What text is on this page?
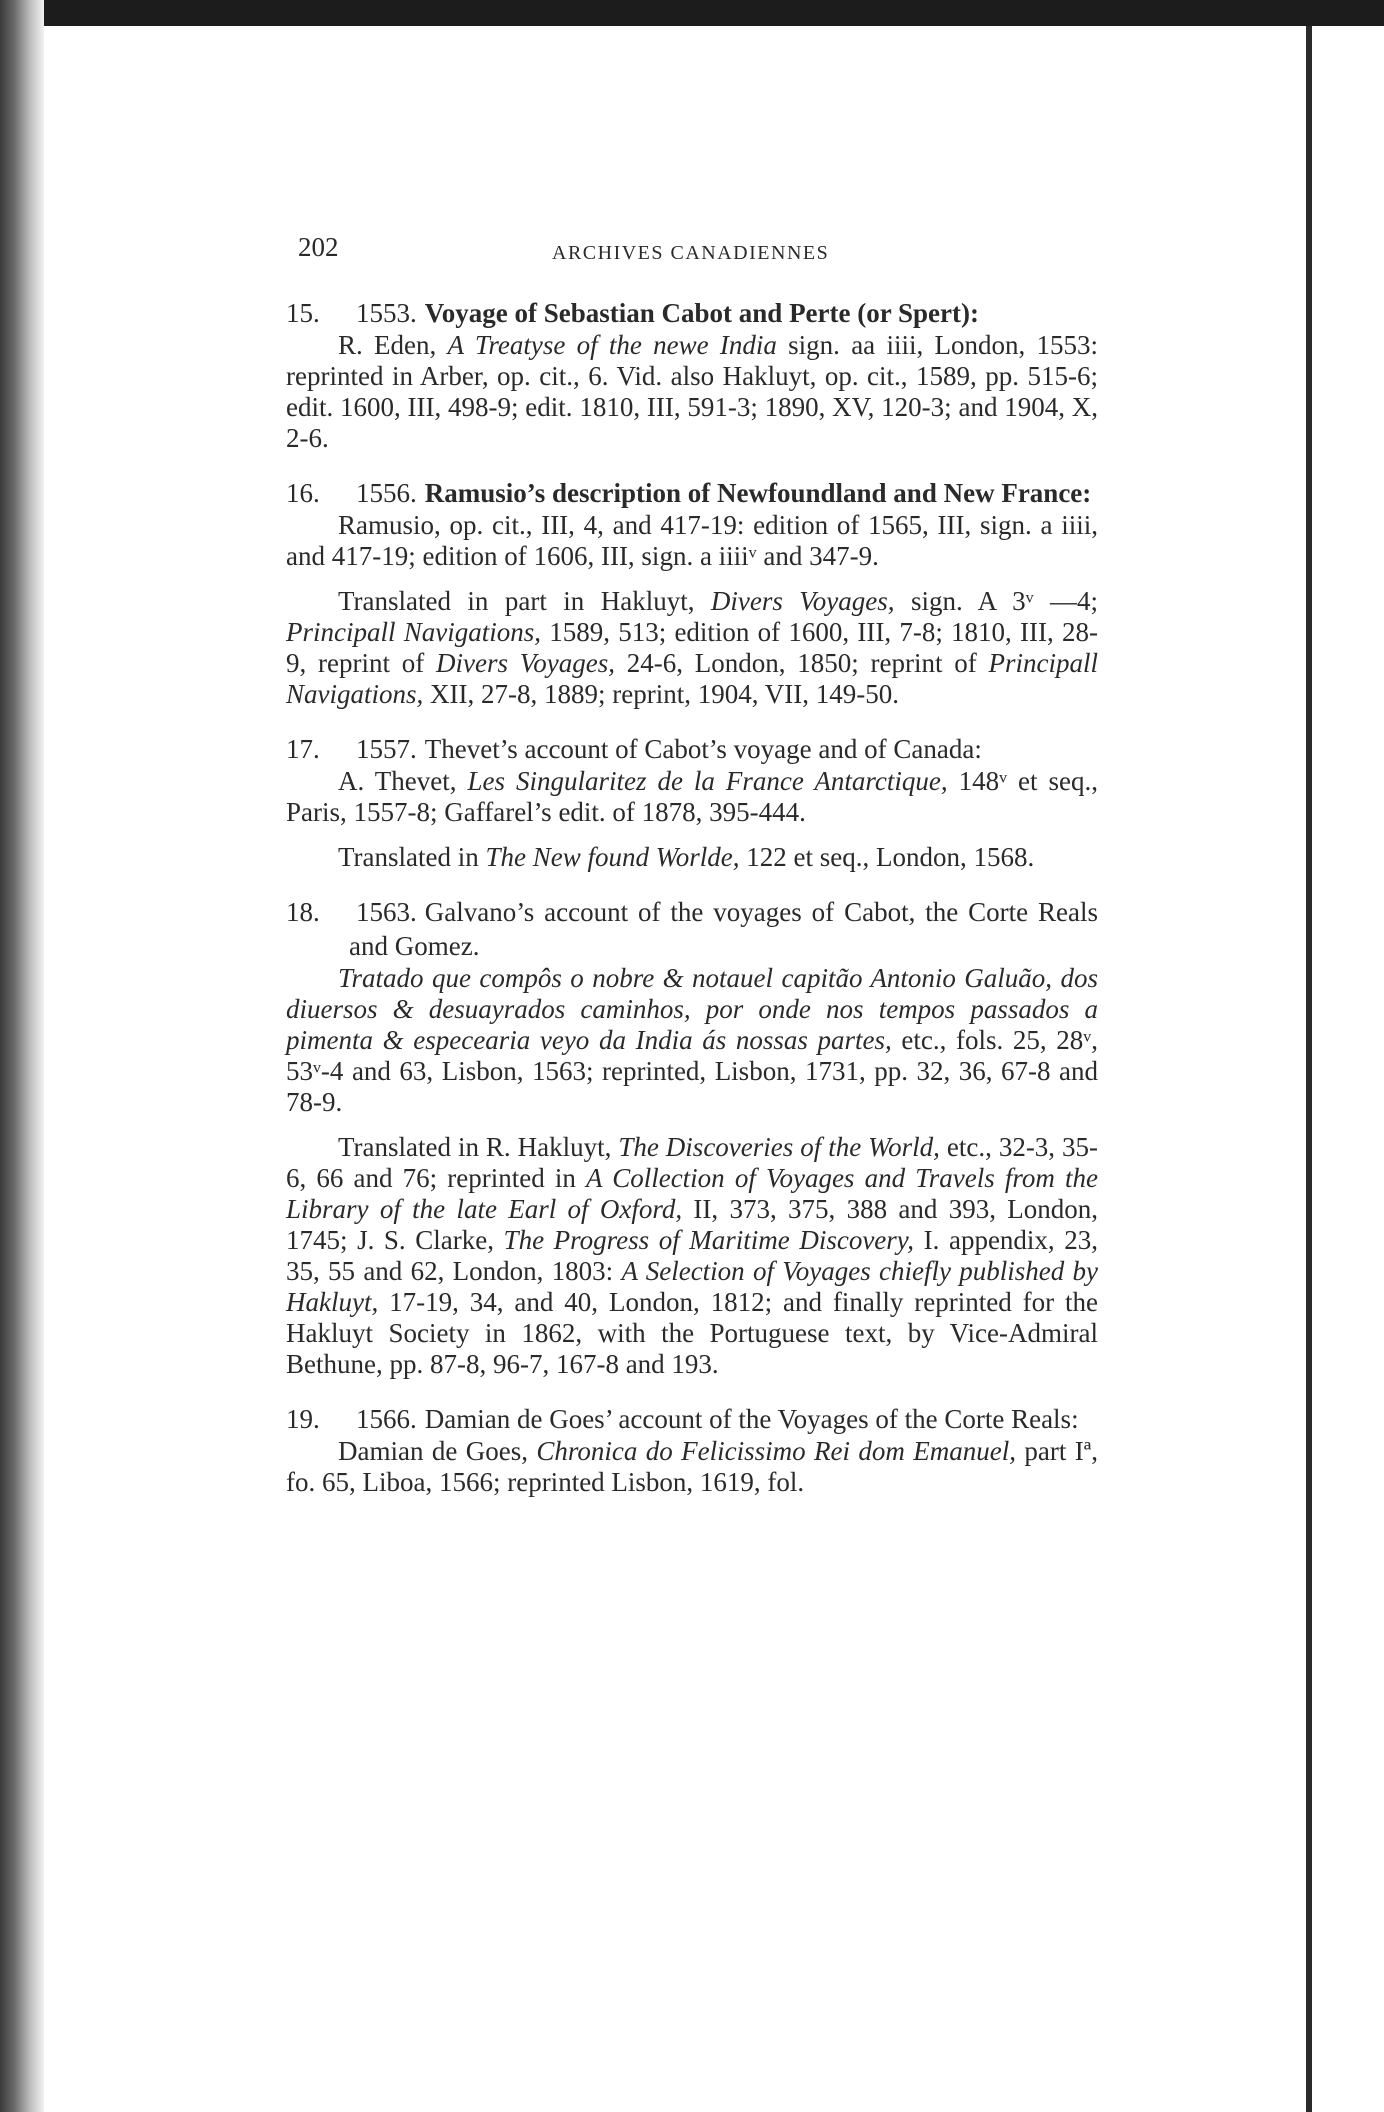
202	ARCHIVES CANADIENNES
15. 1553. Voyage of Sebastian Cabot and Perte (or Spert):

R. Eden, A Treatyse of the newe India sign. aa iiii, London, 1553: reprinted in Arber, op. cit., 6. Vid. also Hakluyt, op. cit., 1589, pp. 515-6; edit. 1600, III, 498-9; edit. 1810, III, 591-3; 1890, XV, 120-3; and 1904, X, 2-6.

16. 1556. Ramusio’s description of Newfoundland and New France:

Ramusio, op. cit., III, 4, and 417-19: edition of 1565, III, sign. a iiii, and 417-19; edition of 1606, III, sign. a iiiiᵛ and 347-9.

Translated in part in Hakluyt, Divers Voyages, sign. A 3ᵛ —4; Principall Navigations, 1589, 513; edition of 1600, III, 7-8; 1810, III, 28-9, reprint of Divers Voyages, 24-6, London, 1850; reprint of Principall Navigations, XII, 27-8, 1889; reprint, 1904, VII, 149-50.

17. 1557. Thevet’s account of Cabot’s voyage and of Canada:

A. Thevet, Les Singularitez de la France Antarctique, 148ᵛ et seq., Paris, 1557-8; Gaffarel’s edit. of 1878, 395-444.

Translated in The New found Worlde, 122 et seq., London, 1568.

18. 1563. Galvano’s account of the voyages of Cabot, the Corte Reals and Gomez.

Tratado que compôs o nobre & notauel capitão Antonio Galuão, dos diuersos & desuayrados caminhos, por onde nos tempos passados a pimenta & especearia veyo da India ás nossas partes, etc., fols. 25, 28ᵛ, 53ᵛ-4 and 63, Lisbon, 1563; reprinted, Lisbon, 1731, pp. 32, 36, 67-8 and 78-9.

Translated in R. Hakluyt, The Discoveries of the World, etc., 32-3, 35-6, 66 and 76; reprinted in A Collection of Voyages and Travels from the Library of the late Earl of Oxford, II, 373, 375, 388 and 393, London, 1745; J. S. Clarke, The Progress of Maritime Discovery, I. appendix, 23, 35, 55 and 62, London, 1803: A Selection of Voyages chiefly published by Hakluyt, 17-19, 34, and 40, London, 1812; and finally reprinted for the Hakluyt Society in 1862, with the Portuguese text, by Vice-Admiral Bethune, pp. 87-8, 96-7, 167-8 and 193.

19. 1566. Damian de Goes’ account of the Voyages of the Corte Reals:

Damian de Goes, Chronica do Felicissimo Rei dom Emanuel, part Iª, fo. 65, Liboa, 1566; reprinted Lisbon, 1619, fol.
